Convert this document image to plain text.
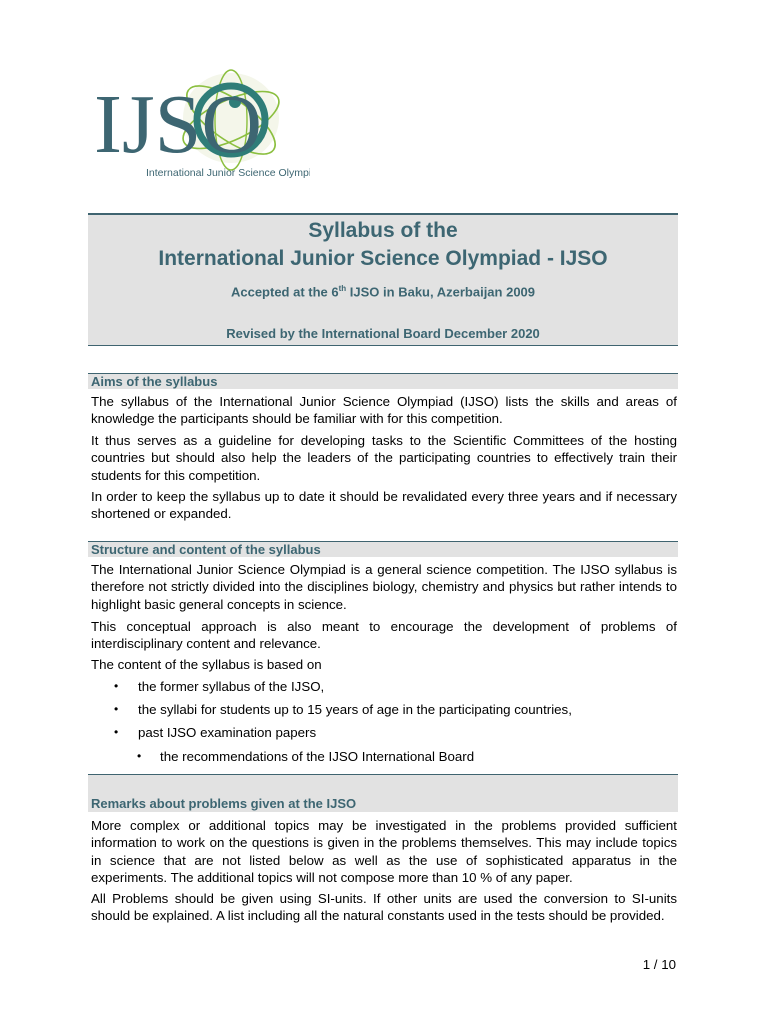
IJSO
International Junior Science Olympiad
Syllabus of the
International Junior Science Olympiad - IJSO
Accepted at the 6th IJSO in Baku, Azerbaijan 2009
Revised by the International Board December 2020
Aims of the syllabus

The syllabus of the International Junior Science Olympiad (IJSO) lists the skills and areas of knowledge the participants should be familiar with for this competition.

It thus serves as a guideline for developing tasks to the Scientific Committees of the hosting countries but should also help the leaders of the participating countries to effectively train their students for this competition.

In order to keep the syllabus up to date it should be revalidated every three years and if necessary shortened or expanded.

Structure and content of the syllabus

The International Junior Science Olympiad is a general science competition. The IJSO syllabus is therefore not strictly divided into the disciplines biology, chemistry and physics but rather intends to highlight basic general concepts in science.

This conceptual approach is also meant to encourage the development of problems of interdisciplinary content and relevance.

The content of the syllabus is based on

• the former syllabus of the IJSO,
• the syllabi for students up to 15 years of age in the participating countries,
• past IJSO examination papers
• the recommendations of the IJSO International Board
Remarks about problems given at the IJSO

More complex or additional topics may be investigated in the problems provided sufficient information to work on the questions is given in the problems themselves. This may include topics in science that are not listed below as well as the use of sophisticated apparatus in the experiments. The additional topics will not compose more than 10 % of any paper.

All Problems should be given using SI-units. If other units are used the conversion to SI-units should be explained. A list including all the natural constants used in the tests should be provided.

1 / 10
